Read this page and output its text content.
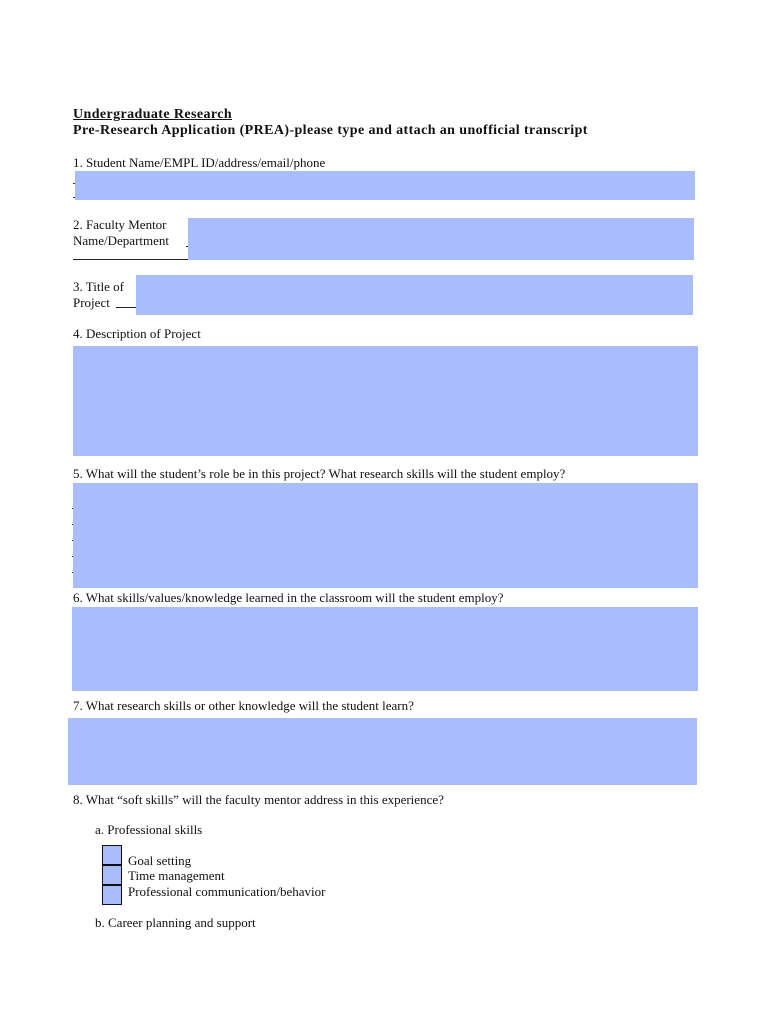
Undergraduate Research
Pre-Research Application (PREA)-please type and attach an unofficial transcript
1. Student Name/EMPL ID/address/email/phone
2. Faculty Mentor
Name/Department
3. Title of
Project
4. Description of Project
5. What will the student’s role be in this project? What research skills will the student employ?
6. What skills/values/knowledge learned in the classroom will the student employ?
7. What research skills or other knowledge will the student learn?
8. What “soft skills” will the faculty mentor address in this experience?
a. Professional skills
Goal setting
Time management
Professional communication/behavior
b. Career planning and support
